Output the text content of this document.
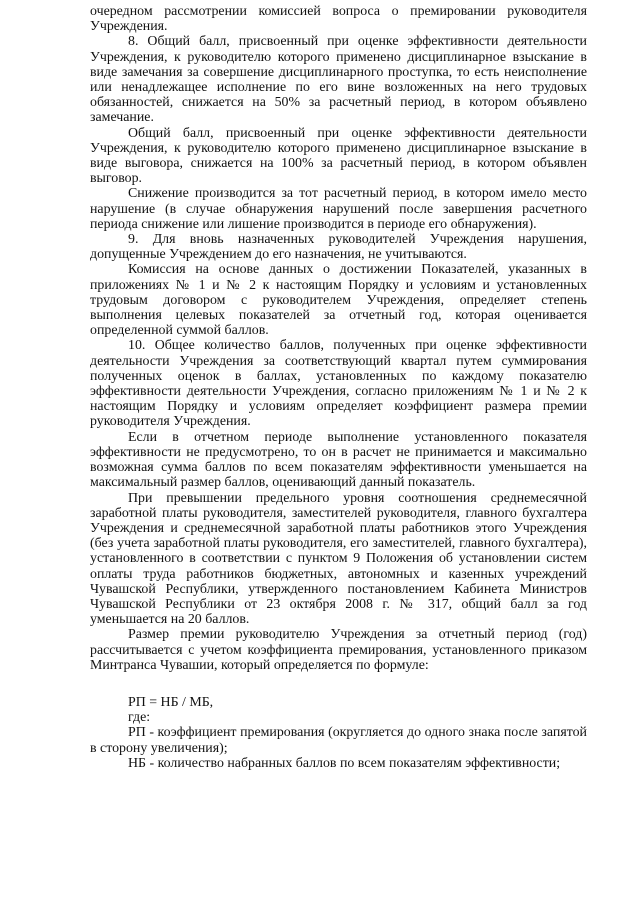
очередном рассмотрении комиссией вопроса о премировании руководителя Учреждения.

8. Общий балл, присвоенный при оценке эффективности деятельности Учреждения, к руководителю которого применено дисциплинарное взыскание в виде замечания за совершение дисциплинарного проступка, то есть неисполнение или ненадлежащее исполнение по его вине возложенных на него трудовых обязанностей, снижается на 50% за расчетный период, в котором объявлено замечание.

Общий балл, присвоенный при оценке эффективности деятельности Учреждения, к руководителю которого применено дисциплинарное взыскание в виде выговора, снижается на 100% за расчетный период, в котором объявлен выговор.

Снижение производится за тот расчетный период, в котором имело место нарушение (в случае обнаружения нарушений после завершения расчетного периода снижение или лишение производится в периоде его обнаружения).

9. Для вновь назначенных руководителей Учреждения нарушения, допущенные Учреждением до его назначения, не учитываются.

Комиссия на основе данных о достижении Показателей, указанных в приложениях № 1 и № 2 к настоящим Порядку и условиям и установленных трудовым договором с руководителем Учреждения, определяет степень выполнения целевых показателей за отчетный год, которая оценивается определенной суммой баллов.

10. Общее количество баллов, полученных при оценке эффективности деятельности Учреждения за соответствующий квартал путем суммирования полученных оценок в баллах, установленных по каждому показателю эффективности деятельности Учреждения, согласно приложениям № 1 и № 2 к настоящим Порядку и условиям определяет коэффициент размера премии руководителя Учреждения.

Если в отчетном периоде выполнение установленного показателя эффективности не предусмотрено, то он в расчет не принимается и максимально возможная сумма баллов по всем показателям эффективности уменьшается на максимальный размер баллов, оценивающий данный показатель.

При превышении предельного уровня соотношения среднемесячной заработной платы руководителя, заместителей руководителя, главного бухгалтера Учреждения и среднемесячной заработной платы работников этого Учреждения (без учета заработной платы руководителя, его заместителей, главного бухгалтера), установленного в соответствии с пунктом 9 Положения об установлении систем оплаты труда работников бюджетных, автономных и казенных учреждений Чувашской Республики, утвержденного постановлением Кабинета Министров Чувашской Республики от 23 октября 2008 г. № 317, общий балл за год уменьшается на 20 баллов.

Размер премии руководителю Учреждения за отчетный период (год) рассчитывается с учетом коэффициента премирования, установленного приказом Минтранса Чувашии, который определяется по формуле:

РП = НБ / МБ,

где:

РП - коэффициент премирования (округляется до одного знака после запятой в сторону увеличения);

НБ - количество набранных баллов по всем показателям эффективности;
